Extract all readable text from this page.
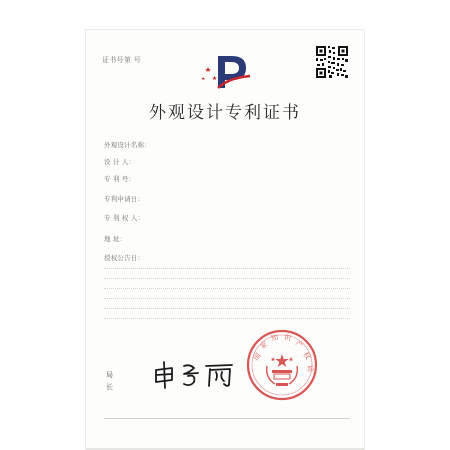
证书号第 号
外观设计专利证书
外观设计名称：
设 计 人：
专 利 号：
专利申请日：
专 利 权 人：
地 址：
授权公告日：
局
长
国
家
知 识
产
权
局
